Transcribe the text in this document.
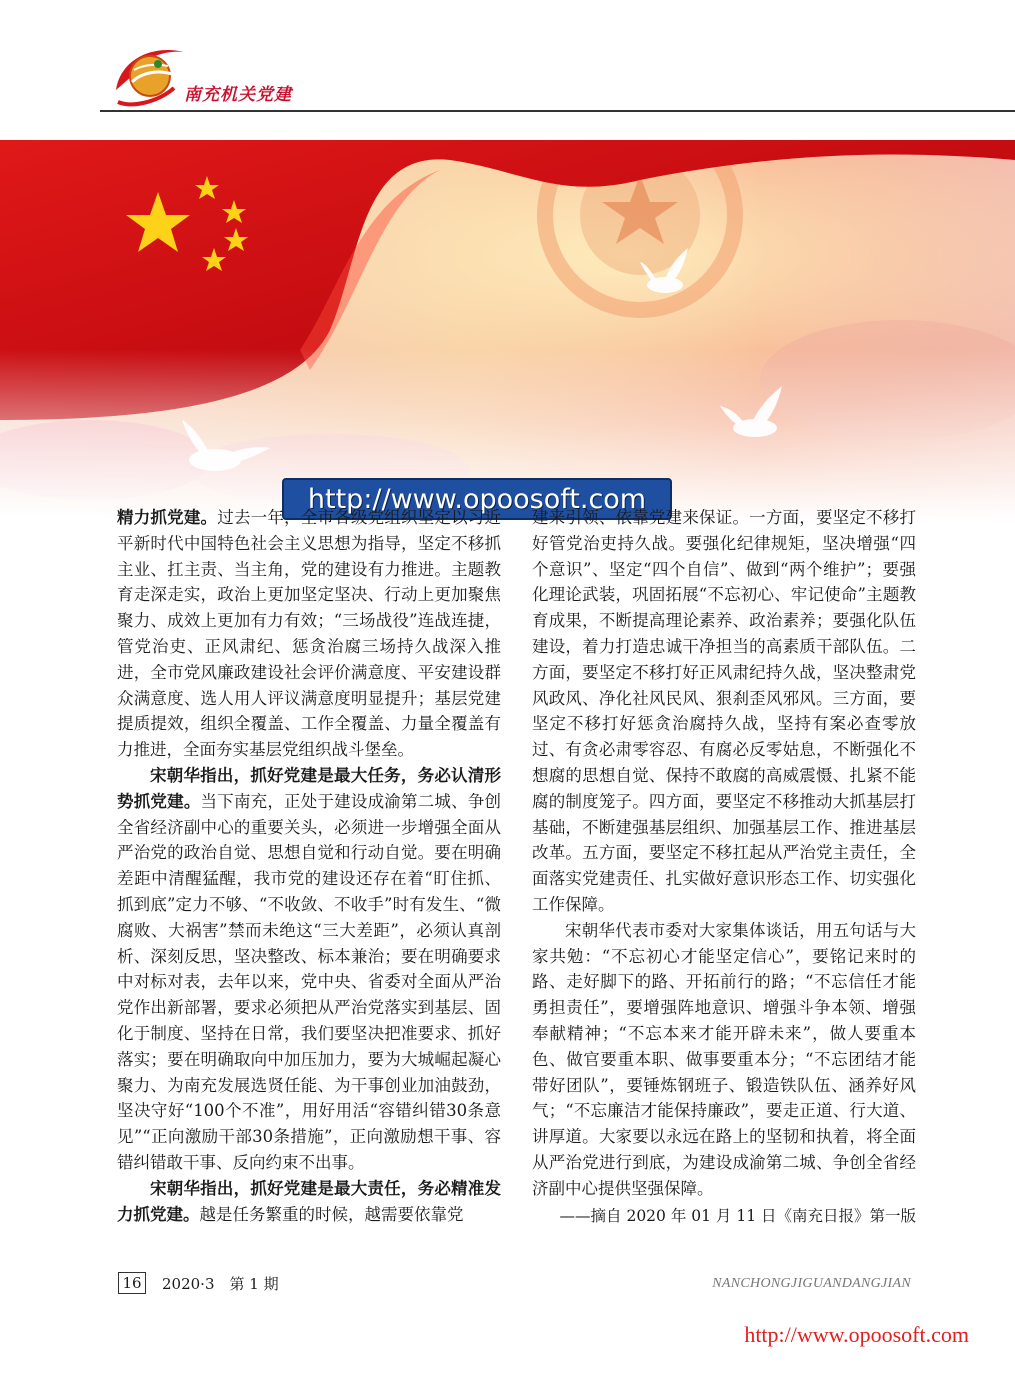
南充机关党建
http://www.opoosoft.com

精力抓党建。过去一年，全市各级党组织坚定以习近平新时代中国特色社会主义思想为指导，坚定不移抓主业、扛主责、当主角，党的建设有力推进。主题教育走深走实，政治上更加坚定坚决、行动上更加聚焦聚力、成效上更加有力有效；“三场战役”连战连捷，管党治吏、正风肃纪、惩贪治腐三场持久战深入推进，全市党风廉政建设社会评价满意度、平安建设群众满意度、选人用人评议满意度明显提升；基层党建提质提效，组织全覆盖、工作全覆盖、力量全覆盖有力推进，全面夯实基层党组织战斗堡垒。

宋朝华指出，抓好党建是最大任务，务必认清形势抓党建。当下南充，正处于建设成渝第二城、争创全省经济副中心的重要关头，必须进一步增强全面从严治党的政治自觉、思想自觉和行动自觉。要在明确差距中清醒猛醒，我市党的建设还存在着“盯住抓、抓到底”定力不够、“不收敛、不收手”时有发生、“微腐败、大祸害”禁而未绝这“三大差距”，必须认真剖析、深刻反思，坚决整改、标本兼治；要在明确要求中对标对表，去年以来，党中央、省委对全面从严治党作出新部署，要求必须把从严治党落实到基层、固化于制度、坚持在日常，我们要坚决把准要求、抓好落实；要在明确取向中加压加力，要为大城崛起凝心聚力、为南充发展选贤任能、为干事创业加油鼓劲，坚决守好“100个不准”，用好用活“容错纠错30条意见”“正向激励干部30条措施”，正向激励想干事、容错纠错敢干事、反向约束不出事。

宋朝华指出，抓好党建是最大责任，务必精准发力抓党建。越是任务繁重的时候，越需要依靠党

建来引领、依靠党建来保证。一方面，要坚定不移打好管党治吏持久战。要强化纪律规矩，坚决增强“四个意识”、坚定“四个自信”、做到“两个维护”；要强化理论武装，巩固拓展“不忘初心、牢记使命”主题教育成果，不断提高理论素养、政治素养；要强化队伍建设，着力打造忠诚干净担当的高素质干部队伍。二方面，要坚定不移打好正风肃纪持久战，坚决整肃党风政风、净化社风民风、狠刹歪风邪风。三方面，要坚定不移打好惩贪治腐持久战，坚持有案必查零放过、有贪必肃零容忍、有腐必反零姑息，不断强化不想腐的思想自觉、保持不敢腐的高威震慑、扎紧不能腐的制度笼子。四方面，要坚定不移推动大抓基层打基础，不断建强基层组织、加强基层工作、推进基层改革。五方面，要坚定不移扛起从严治党主责任，全面落实党建责任、扎实做好意识形态工作、切实强化工作保障。

宋朝华代表市委对大家集体谈话，用五句话与大家共勉：“不忘初心才能坚定信心”，要铭记来时的路、走好脚下的路、开拓前行的路；“不忘信任才能勇担责任”，要增强阵地意识、增强斗争本领、增强奉献精神；“不忘本来才能开辟未来”，做人要重本色、做官要重本职、做事要重本分；“不忘团结才能带好团队”，要锤炼钢班子、锻造铁队伍、涵养好风气；“不忘廉洁才能保持廉政”，要走正道、行大道、讲厚道。大家要以永远在路上的坚韧和执着，将全面从严治党进行到底，为建设成渝第二城、争创全省经济副中心提供坚强保障。

——摘自 2020 年 01 月 11 日《南充日报》第一版

16 2020·3　第 1 期	NANCHONGJIGUANDANGJIAN
http://www.opoosoft.com
